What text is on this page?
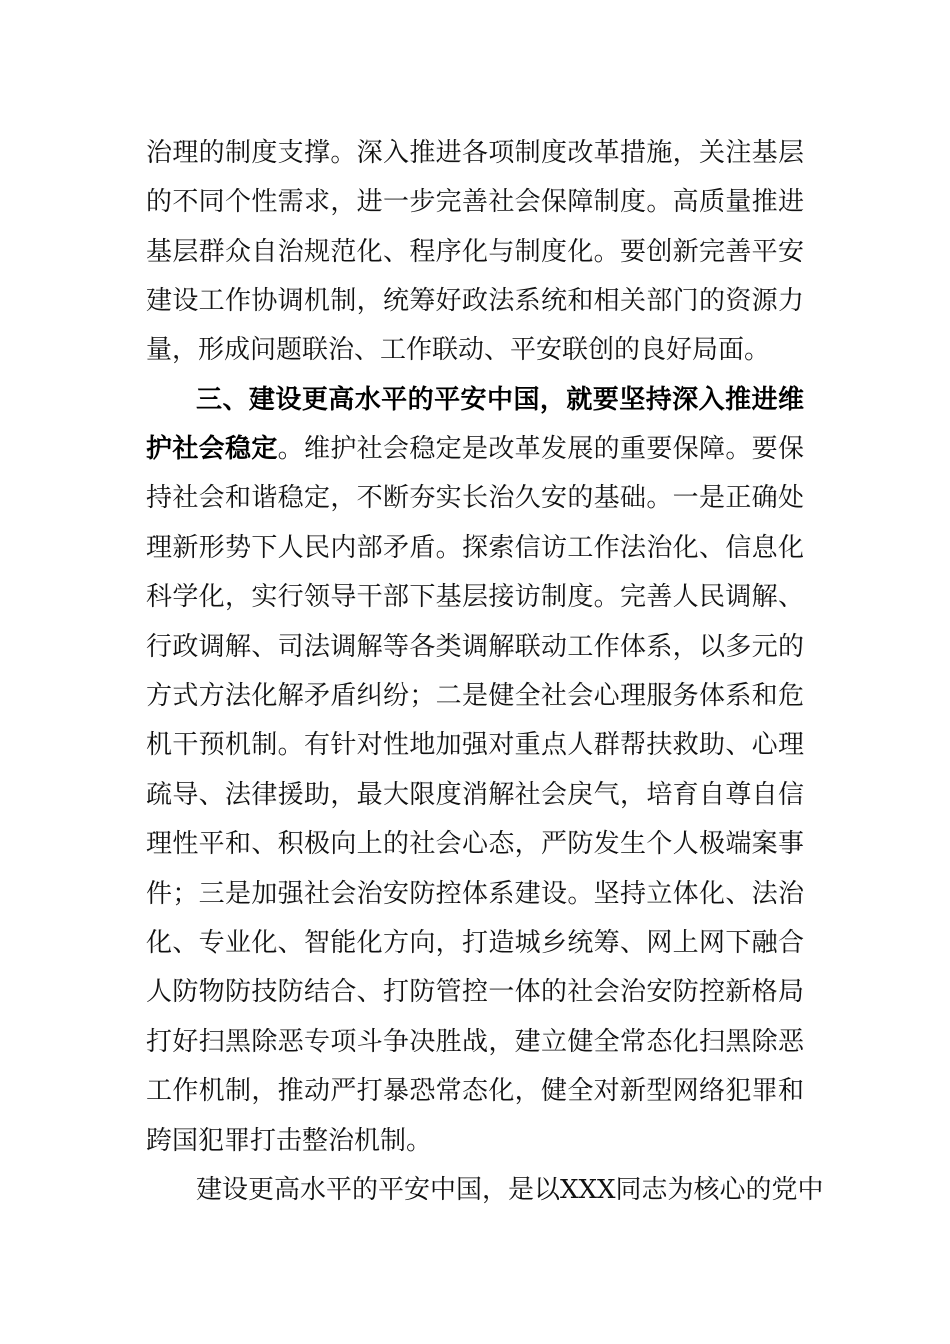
治理的制度支撑。深入推进各项制度改革措施，关注基层
的不同个性需求，进一步完善社会保障制度。高质量推进
基层群众自治规范化、程序化与制度化。要创新完善平安
建设工作协调机制，统筹好政法系统和相关部门的资源力
量，形成问题联治、工作联动、平安联创的良好局面。
三、建设更高水平的平安中国，就要坚持深入推进维
护社会稳定。维护社会稳定是改革发展的重要保障。要保
持社会和谐稳定，不断夯实长治久安的基础。一是正确处
理新形势下人民内部矛盾。探索信访工作法治化、信息化
科学化，实行领导干部下基层接访制度。完善人民调解、
行政调解、司法调解等各类调解联动工作体系，以多元的
方式方法化解矛盾纠纷；二是健全社会心理服务体系和危
机干预机制。有针对性地加强对重点人群帮扶救助、心理
疏导、法律援助，最大限度消解社会戾气，培育自尊自信
理性平和、积极向上的社会心态，严防发生个人极端案事
件；三是加强社会治安防控体系建设。坚持立体化、法治
化、专业化、智能化方向，打造城乡统筹、网上网下融合
人防物防技防结合、打防管控一体的社会治安防控新格局
打好扫黑除恶专项斗争决胜战，建立健全常态化扫黑除恶
工作机制，推动严打暴恐常态化，健全对新型网络犯罪和
跨国犯罪打击整治机制。
建设更高水平的平安中国，是以XXX同志为核心的党中
